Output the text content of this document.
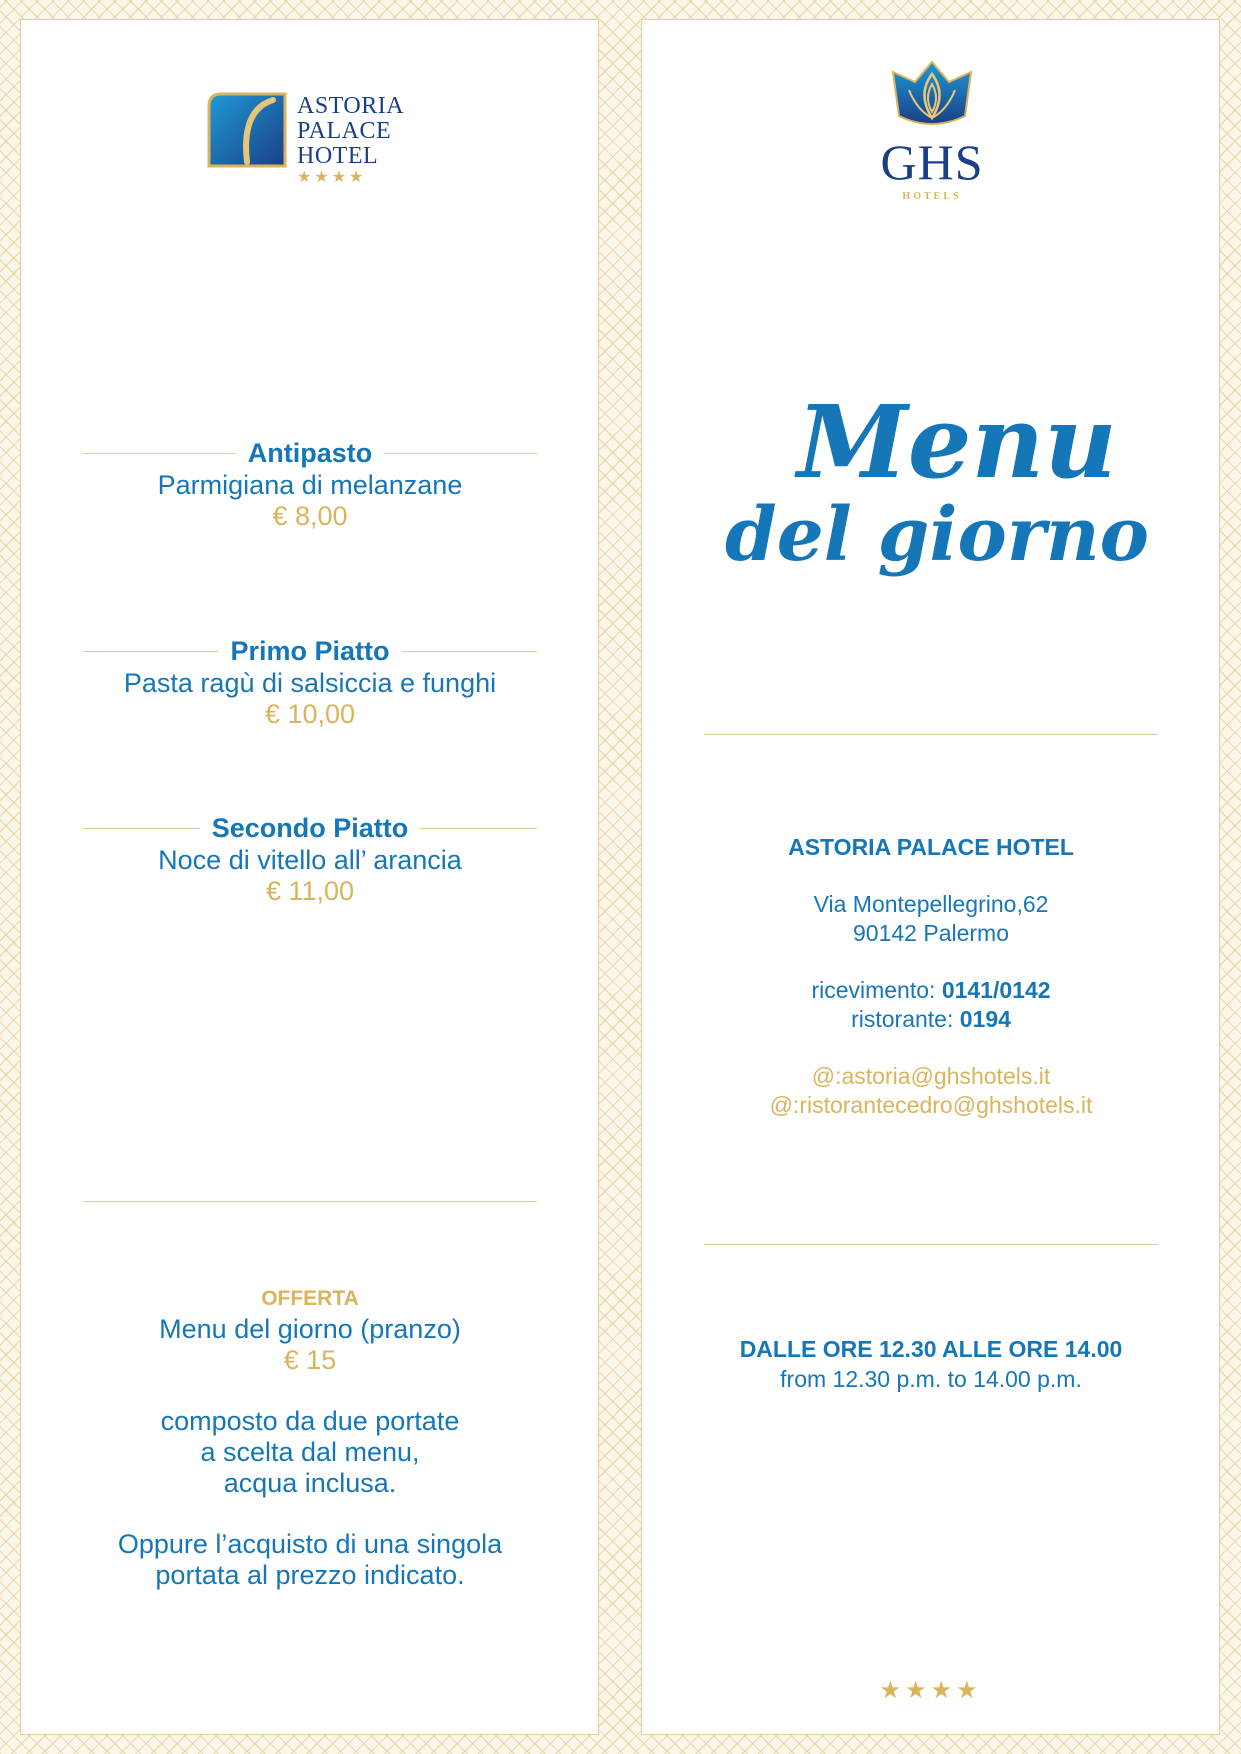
ASTORIA
PALACE
HOTEL
★★★★
Antipasto
Parmigiana di melanzane
€ 8,00
Primo Piatto
Pasta ragù di salsiccia e funghi
€ 10,00
Secondo Piatto
Noce di vitello all’ arancia
€ 11,00
OFFERTA
Menu del giorno (pranzo)
€ 15
composto da due portate
a scelta dal menu,
acqua inclusa.
Oppure l’acquisto di una singola
portata al prezzo indicato.
GHS
HOTELS
Menu
del giorno
ASTORIA PALACE HOTEL
Via Montepellegrino,62
90142 Palermo
ricevimento: 0141/0142
ristorante: 0194
@:astoria@ghshotels.it
@:ristorantecedro@ghshotels.it
DALLE ORE 12.30 ALLE ORE 14.00
from 12.30 p.m. to 14.00 p.m.
★★★★
